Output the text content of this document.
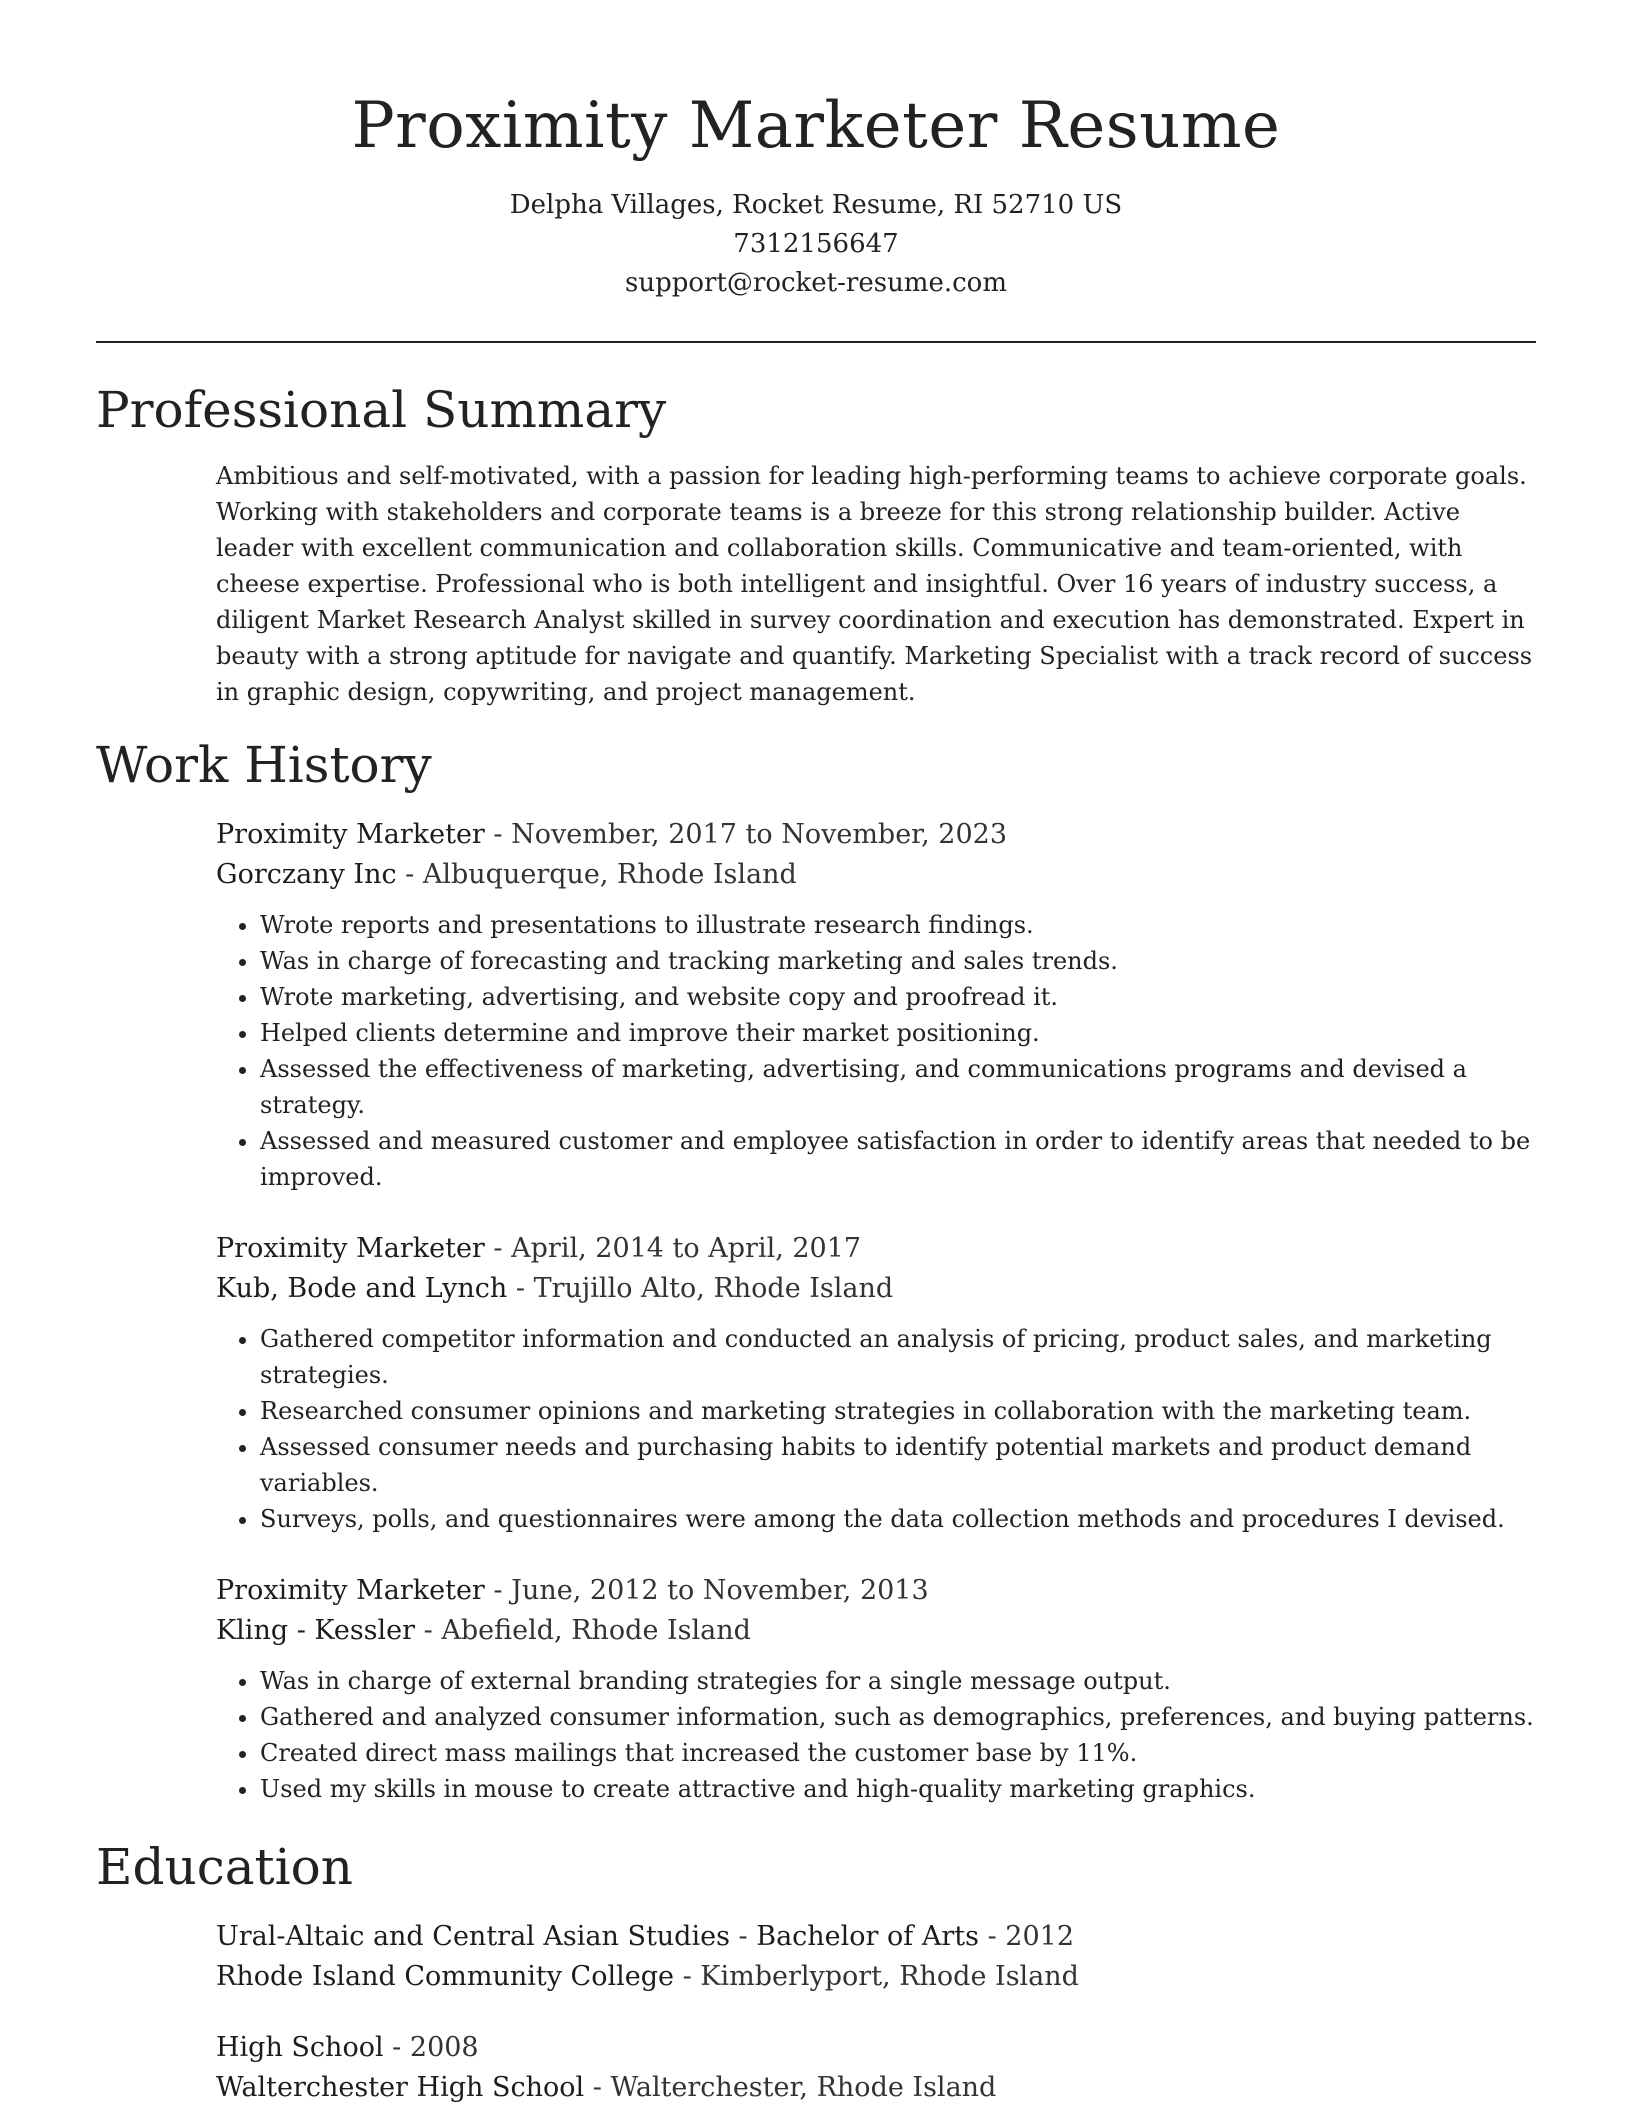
Proximity Marketer Resume
Delpha Villages, Rocket Resume, RI 52710 US
7312156647
support@rocket-resume.com
Professional Summary
Ambitious and self-motivated, with a passion for leading high-performing teams to achieve corporate goals. Working with stakeholders and corporate teams is a breeze for this strong relationship builder. Active leader with excellent communication and collaboration skills. Communicative and team-oriented, with cheese expertise. Professional who is both intelligent and insightful. Over 16 years of industry success, a diligent Market Research Analyst skilled in survey coordination and execution has demonstrated. Expert in beauty with a strong aptitude for navigate and quantify. Marketing Specialist with a track record of success in graphic design, copywriting, and project management.
Work History
Proximity Marketer - November, 2017 to November, 2023
Gorczany Inc - Albuquerque, Rhode Island
• Wrote reports and presentations to illustrate research findings.
• Was in charge of forecasting and tracking marketing and sales trends.
• Wrote marketing, advertising, and website copy and proofread it.
• Helped clients determine and improve their market positioning.
• Assessed the effectiveness of marketing, advertising, and communications programs and devised a strategy.
• Assessed and measured customer and employee satisfaction in order to identify areas that needed to be improved.
Proximity Marketer - April, 2014 to April, 2017
Kub, Bode and Lynch - Trujillo Alto, Rhode Island
• Gathered competitor information and conducted an analysis of pricing, product sales, and marketing strategies.
• Researched consumer opinions and marketing strategies in collaboration with the marketing team.
• Assessed consumer needs and purchasing habits to identify potential markets and product demand variables.
• Surveys, polls, and questionnaires were among the data collection methods and procedures I devised.
Proximity Marketer - June, 2012 to November, 2013
Kling - Kessler - Abefield, Rhode Island
• Was in charge of external branding strategies for a single message output.
• Gathered and analyzed consumer information, such as demographics, preferences, and buying patterns.
• Created direct mass mailings that increased the customer base by 11%.
• Used my skills in mouse to create attractive and high-quality marketing graphics.
Education
Ural-Altaic and Central Asian Studies - Bachelor of Arts - 2012
Rhode Island Community College - Kimberlyport, Rhode Island
High School - 2008
Walterchester High School - Walterchester, Rhode Island
